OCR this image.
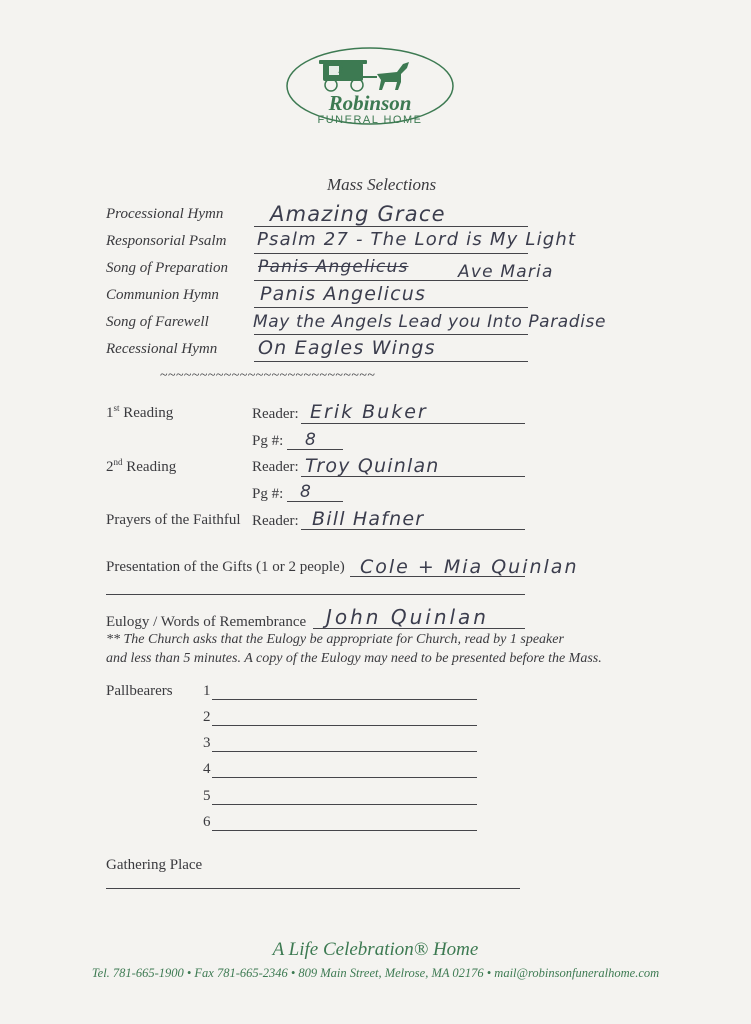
R
Robinson
FUNERAL HOME
Mass Selections
Processional Hymn Amazing Grace
Responsorial Psalm Psalm 27 - The Lord is My Light
Song of Preparation Panis Angelicus	Ave Maria
Communion Hymn Panis Angelicus
Song of Farewell	May the Angels Lead you Into Paradise
Recessional Hymn On Eagles Wings
~~~~~~~~~~~~~~~~~~~~~~~~~~~
1st Reading	Reader: Erik Buker
Pg #: 8
2nd Reading	Reader: Troy Quinlan
Pg #: 8
Prayers of the Faithful Reader: Bill Hafner
Presentation of the Gifts (1 or 2 people) Cole + Mia Quinlan
Eulogy / Words of Remembrance John Quinlan
** The Church asks that the Eulogy be appropriate for Church, read by 1 speaker
and less than 5 minutes. A copy of the Eulogy may need to be presented before the Mass.
Pallbearers 1
2
3
4
5
6
Gathering Place
A Life Celebration® Home
Tel. 781-665-1900 • Fax 781-665-2346 • 809 Main Street, Melrose, MA 02176 • mail@robinsonfuneralhome.com
